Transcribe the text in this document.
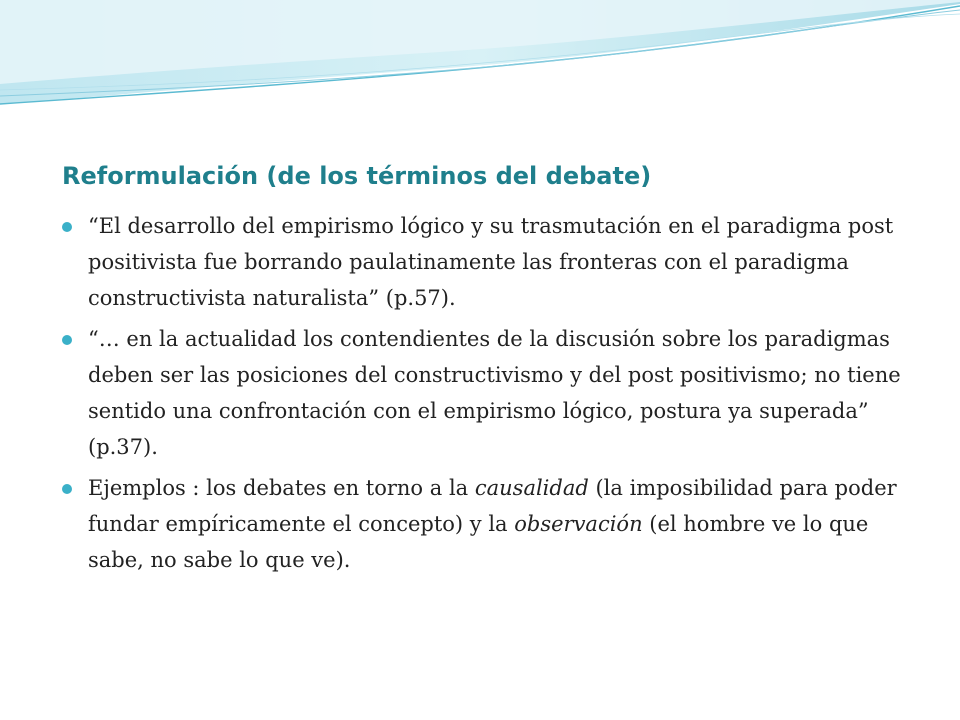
Reformulación (de los términos del debate)
“El desarrollo del empirismo lógico y su trasmutación en el paradigma post positivista fue borrando paulatinamente las fronteras con el paradigma constructivista naturalista” (p.57).
“… en la actualidad los contendientes de la discusión sobre los paradigmas deben ser las posiciones del constructivismo y del post positivismo; no tiene sentido una confrontación con el empirismo lógico, postura ya superada” (p.37).
Ejemplos : los debates en torno a la causalidad (la imposibilidad para poder fundar empíricamente el concepto) y la observación (el hombre ve lo que sabe, no sabe lo que ve).
